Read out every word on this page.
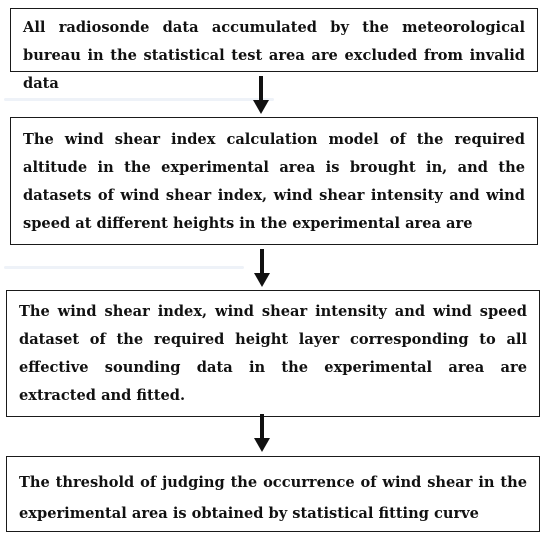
All radiosonde data accumulated by the meteorological bureau in the statistical test area are excluded from invalid data

The wind shear index calculation model of the required altitude in the experimental area is brought in, and the datasets of wind shear index, wind shear intensity and wind speed at different heights in the experimental area are

The wind shear index, wind shear intensity and wind speed dataset of the required height layer corresponding to all effective sounding data in the experimental area are extracted and fitted.

The threshold of judging the occurrence of wind shear in the experimental area is obtained by statistical fitting curve
